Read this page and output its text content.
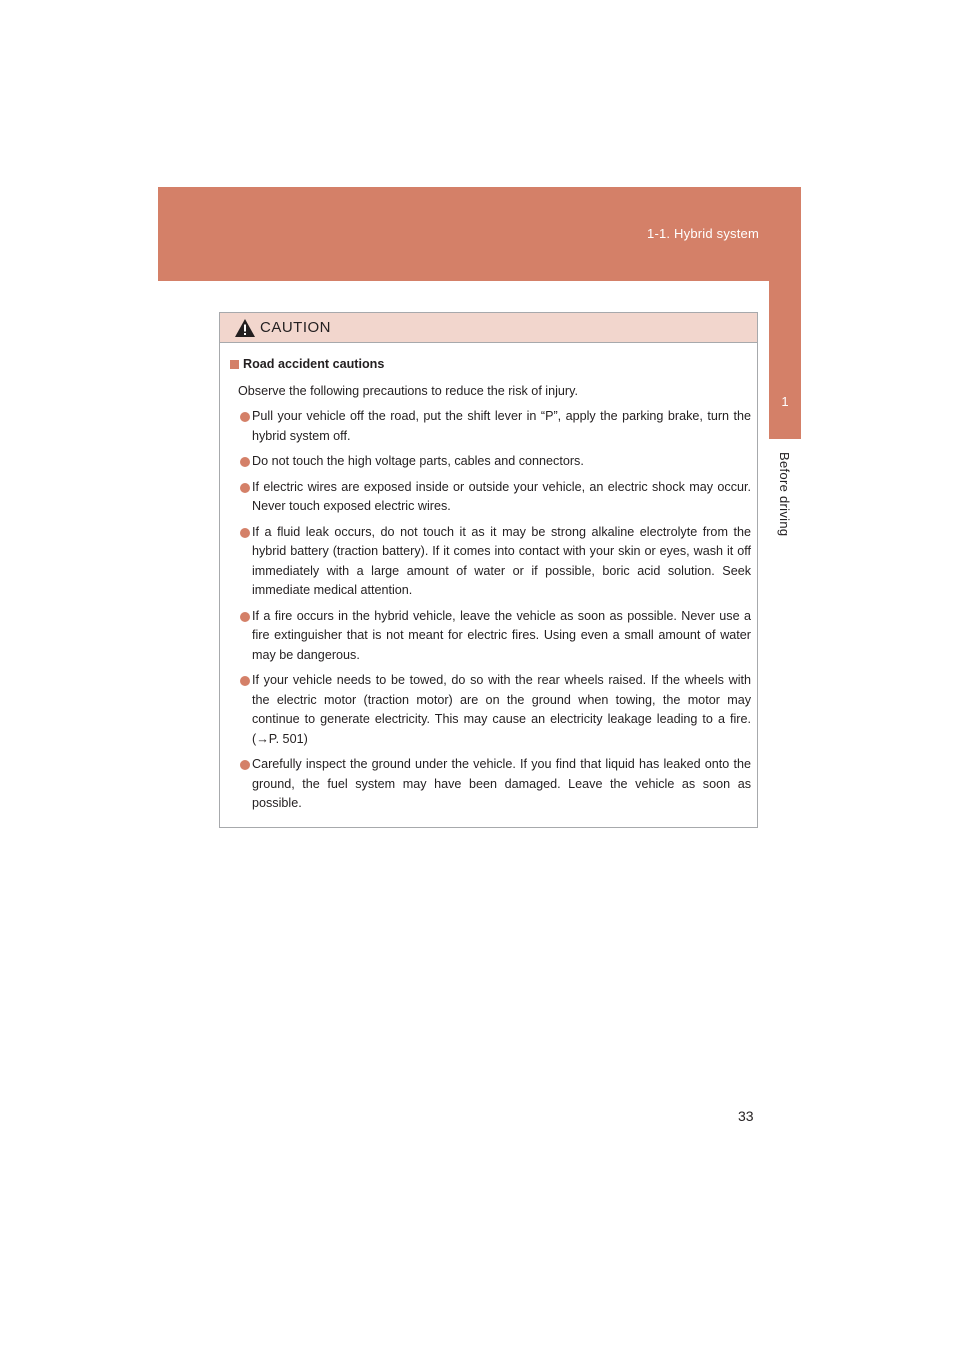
1-1. Hybrid system
1
Before driving
CAUTION
Road accident cautions
Observe the following precautions to reduce the risk of injury.
Pull your vehicle off the road, put the shift lever in “P”, apply the parking brake, turn the hybrid system off.
Do not touch the high voltage parts, cables and connectors.
If electric wires are exposed inside or outside your vehicle, an electric shock may occur. Never touch exposed electric wires.
If a fluid leak occurs, do not touch it as it may be strong alkaline electrolyte from the hybrid battery (traction battery). If it comes into contact with your skin or eyes, wash it off immediately with a large amount of water or if possible, boric acid solution. Seek immediate medical attention.
If a fire occurs in the hybrid vehicle, leave the vehicle as soon as possible. Never use a fire extinguisher that is not meant for electric fires. Using even a small amount of water may be dangerous.
If your vehicle needs to be towed, do so with the rear wheels raised. If the wheels with the electric motor (traction motor) are on the ground when towing, the motor may continue to generate electricity. This may cause an electricity leakage leading to a fire. (→P. 501)
Carefully inspect the ground under the vehicle. If you find that liquid has leaked onto the ground, the fuel system may have been damaged. Leave the vehicle as soon as possible.
33
